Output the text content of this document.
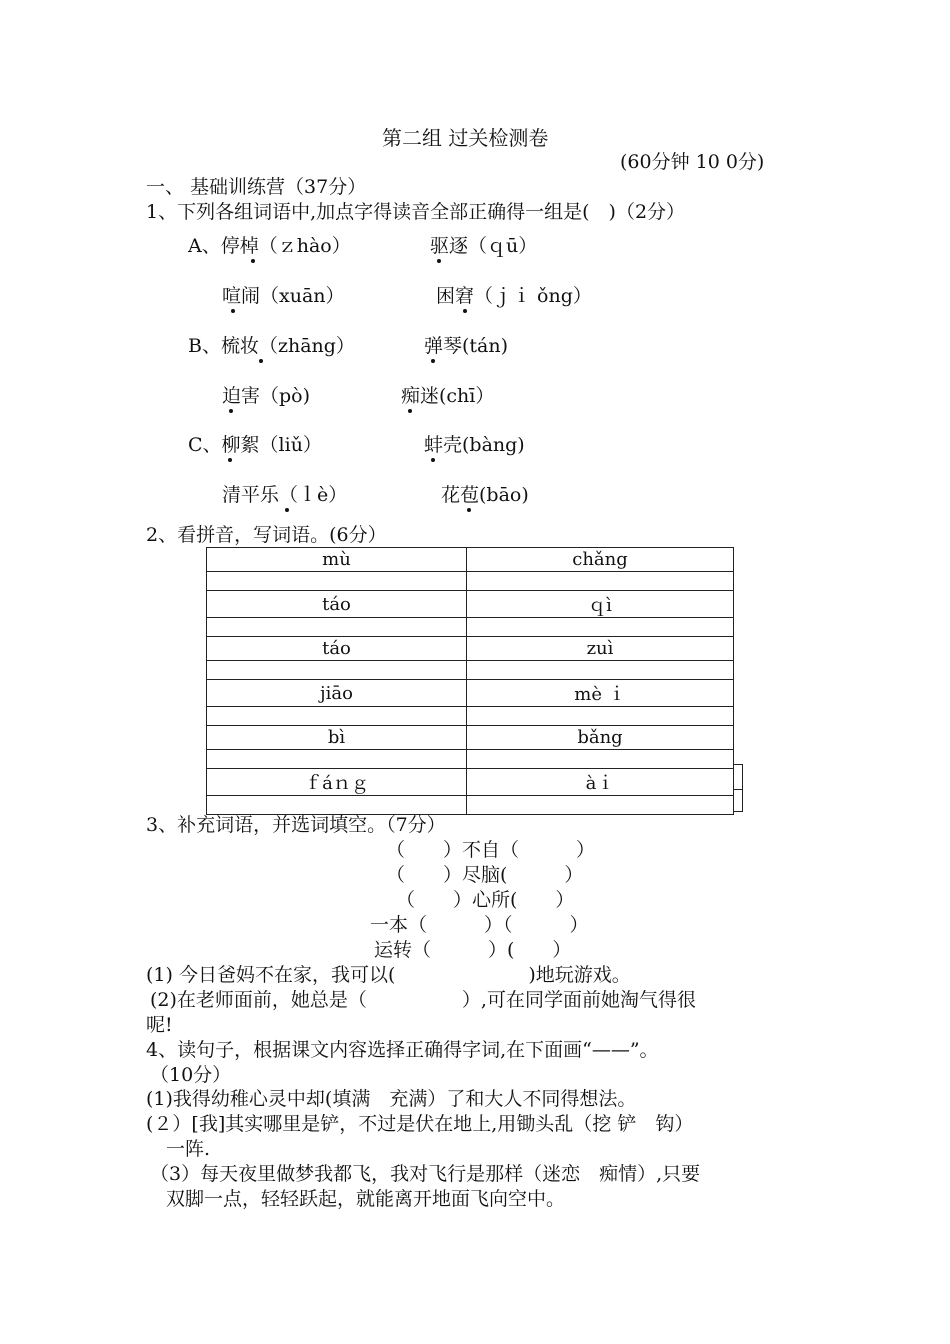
第二组 过关检测卷
(60分钟 10 0分)
一、 基础训练营（37分）
1、下列各组词语中,加点字得读音全部正确得一组是(　)（2分）
A、停棹（ｚhào）	驱逐（ｑū）
喧闹（xuān）	困窘（ｊｉ ǒng）
B、梳妆（zhāng）	弹琴(tán)
迫害（pò)	痴迷(chī）
C、柳絮（liǔ）	蚌壳(bàng)
清平乐（ｌè）	花苞(bāo)
2、看拼音，写词语。(6分）
mù	chǎng

táo	ｑì

táo	zuì

jiāo	mè ｉ

bì	bǎng

ｆáｎｇ	àｉ

3、补充词语，并选词填空。（7分）
（　　）不自（　　　）
（　　）尽脑(　　　）
（　　）心所(　　）
一本（　　　）（　　　）
运转（　　　）(　　）
(1) 今日爸妈不在家，我可以(　　　　　　　)地玩游戏。
(2)在老师面前，她总是（　　　　　）,可在同学面前她淘气得很
呢!
4、读句子，根据课文内容选择正确得字词,在下面画“——”。
（10分）
(1)我得幼稚心灵中却(填满　充满）了和大人不同得想法。
(２）[我]其实哪里是铲，不过是伏在地上,用锄头乱（挖 铲　钩）
一阵.
（3）每天夜里做梦我都飞，我对飞行是那样（迷恋　痴情）,只要
双脚一点，轻轻跃起，就能离开地面飞向空中。
